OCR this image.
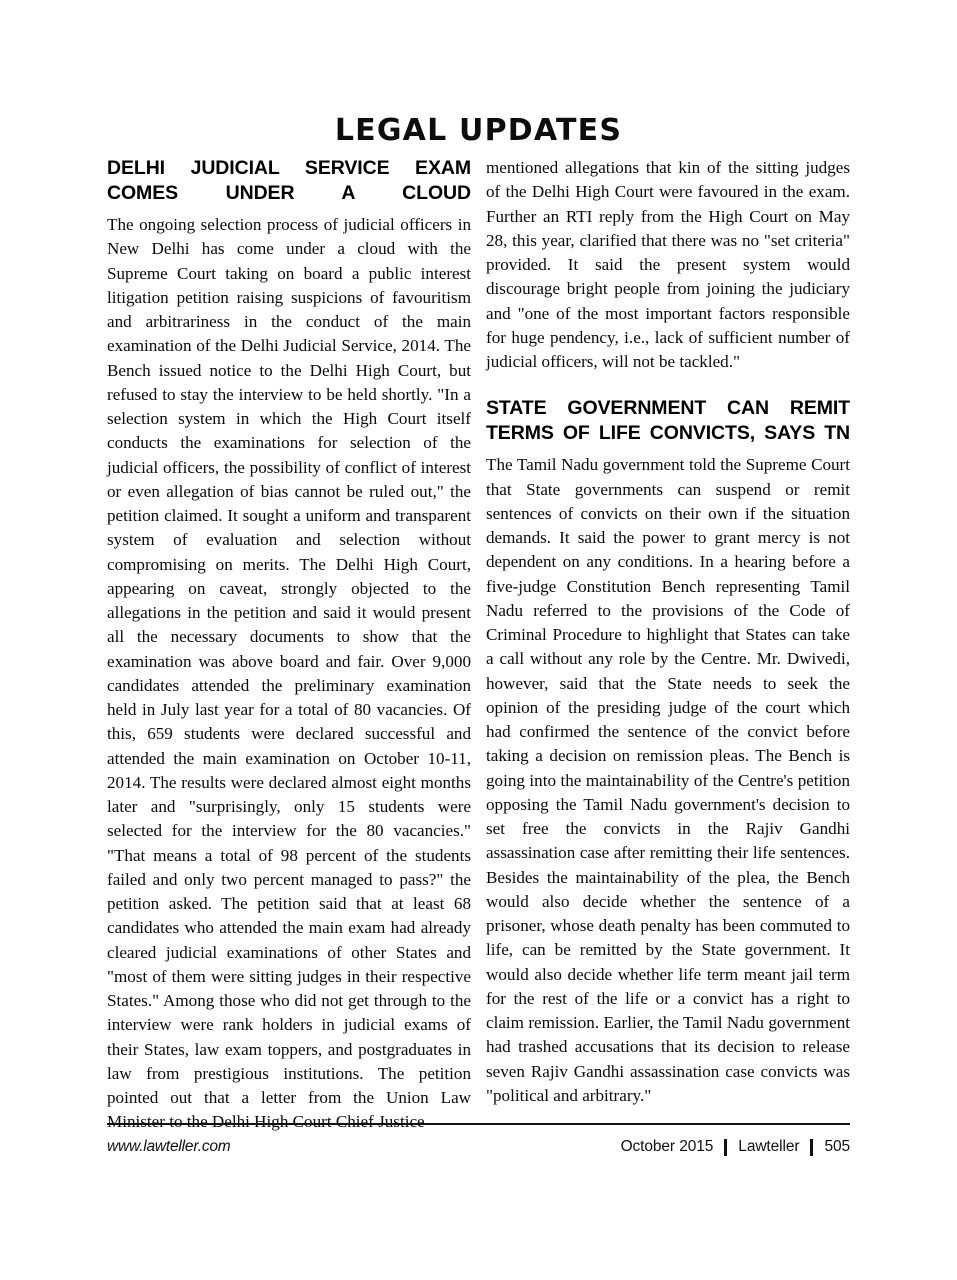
LEGAL UPDATES
DELHI JUDICIAL SERVICE EXAM
COMES UNDER A CLOUD

The ongoing selection process of judicial officers in New Delhi has come under a cloud with the Supreme Court taking on board a public interest litigation petition raising suspicions of favouritism and arbitrariness in the conduct of the main examination of the Delhi Judicial Service, 2014. The Bench issued notice to the Delhi High Court, but refused to stay the interview to be held shortly. "In a selection system in which the High Court itself conducts the examinations for selection of the judicial officers, the possibility of conflict of interest or even allegation of bias cannot be ruled out," the petition claimed. It sought a uniform and transparent system of evaluation and selection without compromising on merits. The Delhi High Court, appearing on caveat, strongly objected to the allegations in the petition and said it would present all the necessary documents to show that the examination was above board and fair. Over 9,000 candidates attended the preliminary examination held in July last year for a total of 80 vacancies. Of this, 659 students were declared successful and attended the main examination on October 10-11, 2014. The results were declared almost eight months later and "surprisingly, only 15 students were selected for the interview for the 80 vacancies." "That means a total of 98 percent of the students failed and only two percent managed to pass?" the petition asked. The petition said that at least 68 candidates who attended the main exam had already cleared judicial examinations of other States and "most of them were sitting judges in their respective States." Among those who did not get through to the interview were rank holders in judicial exams of their States, law exam toppers, and postgraduates in law from prestigious institutions. The petition pointed out that a letter from the Union Law Minister to the Delhi High Court Chief Justice

mentioned allegations that kin of the sitting judges of the Delhi High Court were favoured in the exam. Further an RTI reply from the High Court on May 28, this year, clarified that there was no "set criteria" provided. It said the present system would discourage bright people from joining the judiciary and "one of the most important factors responsible for huge pendency, i.e., lack of sufficient number of judicial officers, will not be tackled."

STATE GOVERNMENT CAN REMIT
TERMS OF LIFE CONVICTS, SAYS TN

The Tamil Nadu government told the Supreme Court that State governments can suspend or remit sentences of convicts on their own if the situation demands. It said the power to grant mercy is not dependent on any conditions. In a hearing before a five-judge Constitution Bench representing Tamil Nadu referred to the provisions of the Code of Criminal Procedure to highlight that States can take a call without any role by the Centre. Mr. Dwivedi, however, said that the State needs to seek the opinion of the presiding judge of the court which had confirmed the sentence of the convict before taking a decision on remission pleas. The Bench is going into the maintainability of the Centre's petition opposing the Tamil Nadu government's decision to set free the convicts in the Rajiv Gandhi assassination case after remitting their life sentences. Besides the maintainability of the plea, the Bench would also decide whether the sentence of a prisoner, whose death penalty has been commuted to life, can be remitted by the State government. It would also decide whether life term meant jail term for the rest of the life or a convict has a right to claim remission. Earlier, the Tamil Nadu government had trashed accusations that its decision to release seven Rajiv Gandhi assassination case convicts was "political and arbitrary."

www.lawteller.com	October 2015	Lawteller	505
